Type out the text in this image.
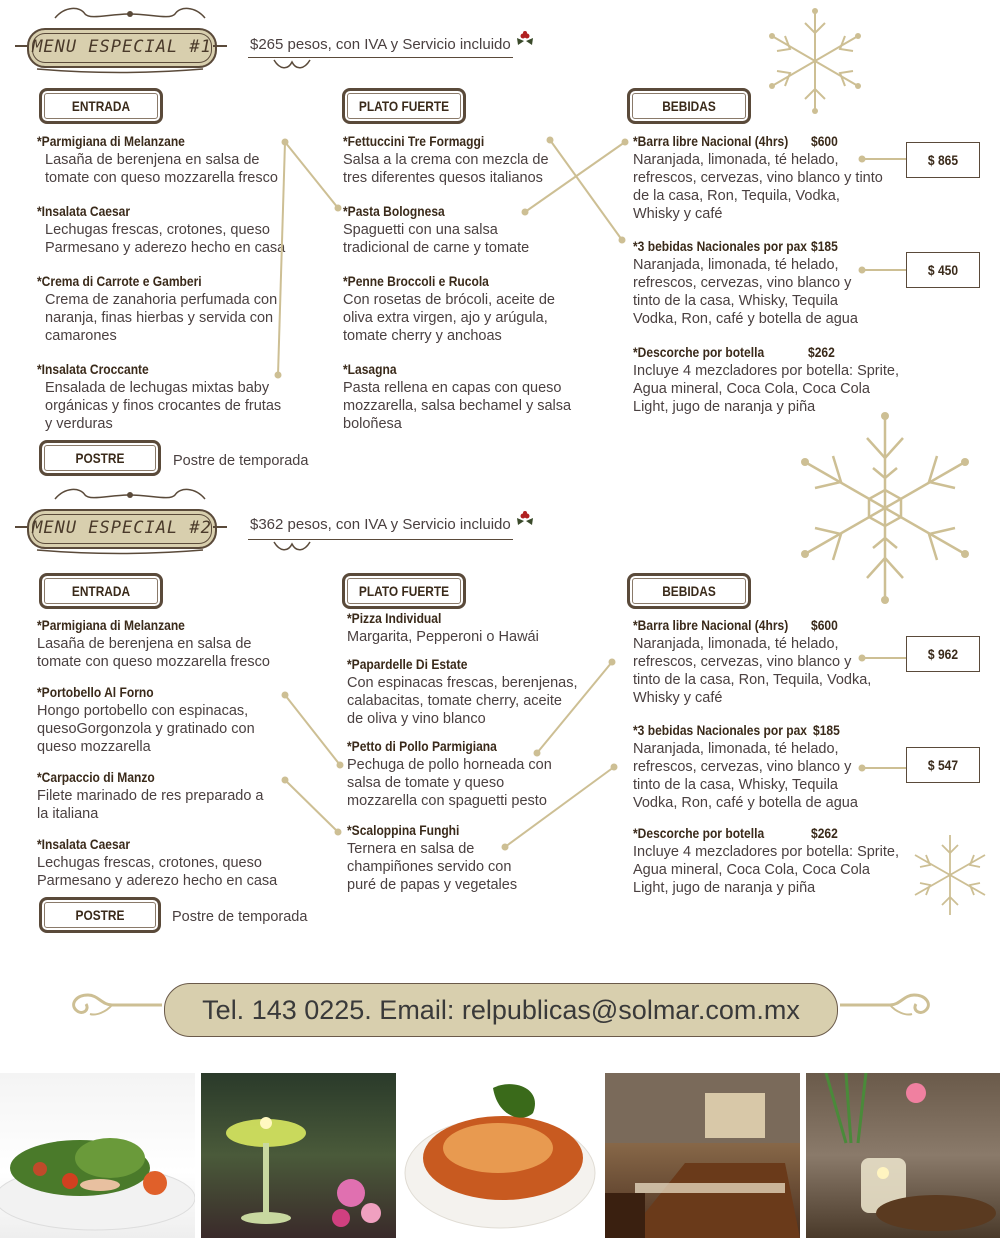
MENU ESPECIAL #1	$265 pesos, con IVA y Servicio incluido
ENTRADA	PLATO FUERTE	BEBIDAS
*Parmigiana di Melanzane
Lasaña de berenjena en salsa de tomate con queso mozzarella fresco
*Insalata Caesar
Lechugas frescas, crotones, queso Parmesano y aderezo hecho en casa
*Crema di Carrote e Gamberi
Crema de zanahoria perfumada con naranja, finas hierbas y servida con camarones
*Insalata Croccante
Ensalada de lechugas mixtas baby orgánicas y finos crocantes de frutas y verduras
*Fettuccini Tre Formaggi
Salsa a la crema con mezcla de tres diferentes quesos italianos
*Pasta Bolognesa
Spaguetti con una salsa tradicional de carne y tomate
*Penne Broccoli e Rucola
Con rosetas de brócoli, aceite de oliva extra virgen, ajo y arúgula, tomate cherry y anchoas
*Lasagna
Pasta rellena en capas con queso mozzarella, salsa bechamel y salsa boloñesa
*Barra libre Nacional (4hrs) $600
Naranjada, limonada, té helado, refrescos, cervezas, vino blanco y tinto de la casa, Ron, Tequila, Vodka, Whisky y café
*3 bebidas Nacionales por pax $185
Naranjada, limonada, té helado, refrescos, cervezas, vino blanco y tinto de la casa, Whisky, Tequila Vodka, Ron, café y botella de agua
*Descorche por botella	$262
Incluye 4 mezcladores por botella: Sprite, Agua mineral, Coca Cola, Coca Cola Light, jugo de naranja y piña
$ 865
$ 450
POSTRE	Postre de temporada
MENU ESPECIAL #2	$362 pesos, con IVA y Servicio incluido
ENTRADA	PLATO FUERTE	BEBIDAS
*Parmigiana di Melanzane
Lasaña de berenjena en salsa de tomate con queso mozzarella fresco
*Portobello Al Forno
Hongo portobello con espinacas, quesoGorgonzola y gratinado con queso mozzarella
*Carpaccio di Manzo
Filete marinado de res preparado a la italiana
*Insalata Caesar
Lechugas frescas, crotones, queso Parmesano y aderezo hecho en casa
*Pizza Individual
Margarita, Pepperoni o Hawái
*Papardelle Di Estate
Con espinacas frescas, berenjenas, calabacitas, tomate cherry, aceite de oliva y vino blanco
*Petto di Pollo Parmigiana
Pechuga de pollo horneada con salsa de tomate y queso mozzarella con spaguetti pesto
*Scaloppina Funghi
Ternera en salsa de champiñones servido con puré de papas y vegetales
*Barra libre Nacional (4hrs) $600
Naranjada, limonada, té helado, refrescos, cervezas, vino blanco y tinto de la casa, Ron, Tequila, Vodka, Whisky y café
*3 bebidas Nacionales por pax $185
Naranjada, limonada, té helado, refrescos, cervezas, vino blanco y tinto de la casa, Whisky, Tequila Vodka, Ron, café y botella de agua
*Descorche por botella	$262
Incluye 4 mezcladores por botella: Sprite, Agua mineral, Coca Cola, Coca Cola Light, jugo de naranja y piña
$ 962
$ 547
POSTRE	Postre de temporada
Tel. 143 0225. Email: relpublicas@solmar.com.mx
